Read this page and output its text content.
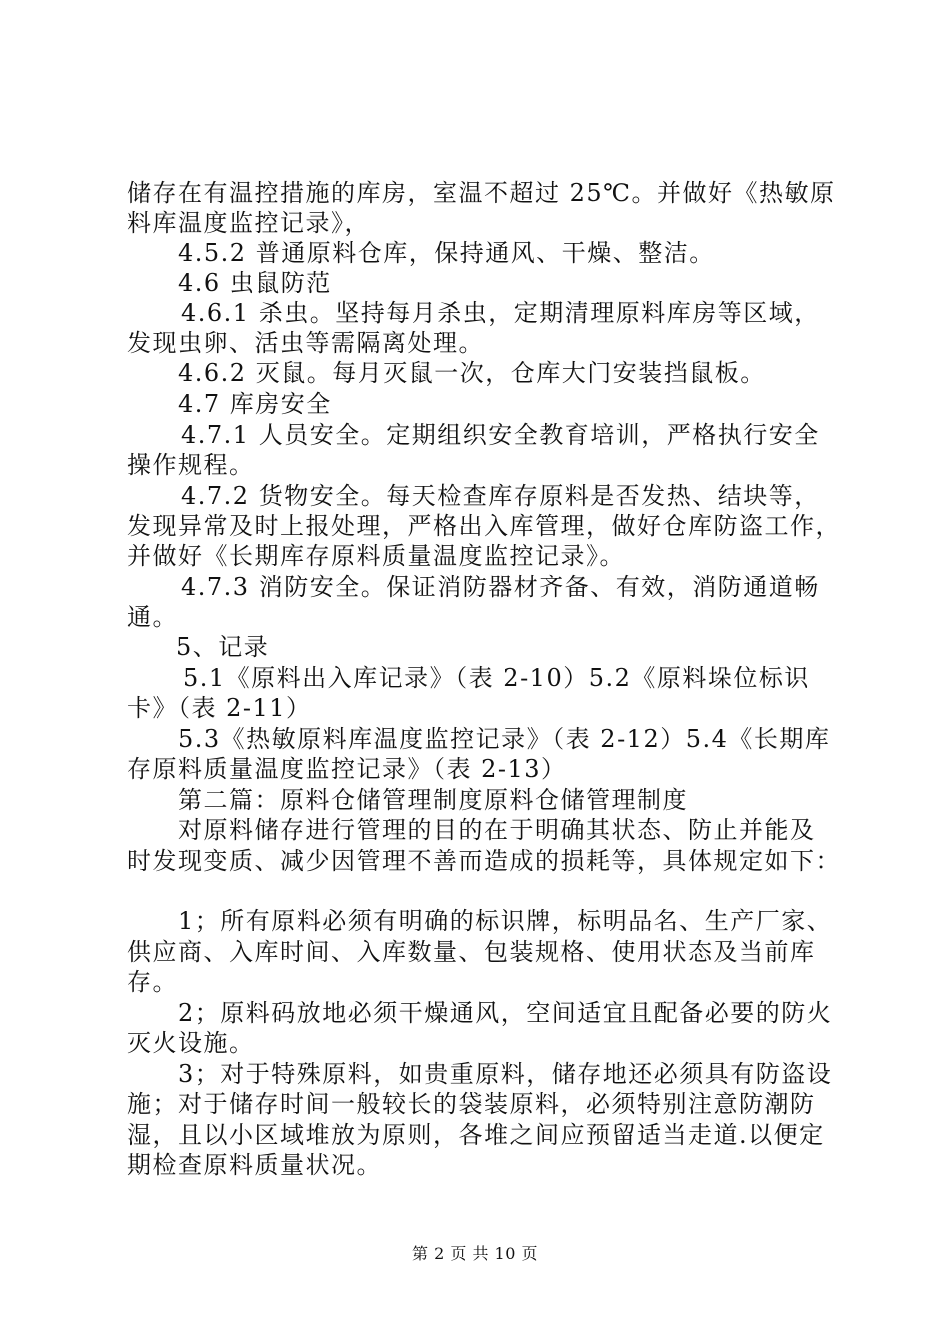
储存在有温控措施的库房，室温不超过 25℃。并做好《热敏原
料库温度监控记录》，
4.5.2 普通原料仓库，保持通风、干燥、整洁。
4.6 虫鼠防范
4.6.1 杀虫。坚持每月杀虫，定期清理原料库房等区域，
发现虫卵、活虫等需隔离处理。
4.6.2 灭鼠。每月灭鼠一次，仓库大门安装挡鼠板。
4.7 库房安全
4.7.1 人员安全。定期组织安全教育培训，严格执行安全
操作规程。
4.7.2 货物安全。每天检查库存原料是否发热、结块等，
发现异常及时上报处理，严格出入库管理，做好仓库防盗工作，
并做好《长期库存原料质量温度监控记录》。
4.7.3 消防安全。保证消防器材齐备、有效，消防通道畅
通。
5、记录
5.1《原料出入库记录》（表 2-10）5.2《原料垛位标识
卡》（表 2-11）
5.3《热敏原料库温度监控记录》（表 2-12）5.4《长期库
存原料质量温度监控记录》（表 2-13）
第二篇：原料仓储管理制度原料仓储管理制度
对原料储存进行管理的目的在于明确其状态、防止并能及
时发现变质、减少因管理不善而造成的损耗等，具体规定如下：
1；所有原料必须有明确的标识牌，标明品名、生产厂家、
供应商、入库时间、入库数量、包装规格、使用状态及当前库
存。
2；原料码放地必须干燥通风，空间适宜且配备必要的防火
灭火设施。
3；对于特殊原料，如贵重原料，储存地还必须具有防盗设
施；对于储存时间一般较长的袋装原料，必须特别注意防潮防
湿，且以小区域堆放为原则，各堆之间应预留适当走道.以便定
期检查原料质量状况。
第 2 页 共 10 页
